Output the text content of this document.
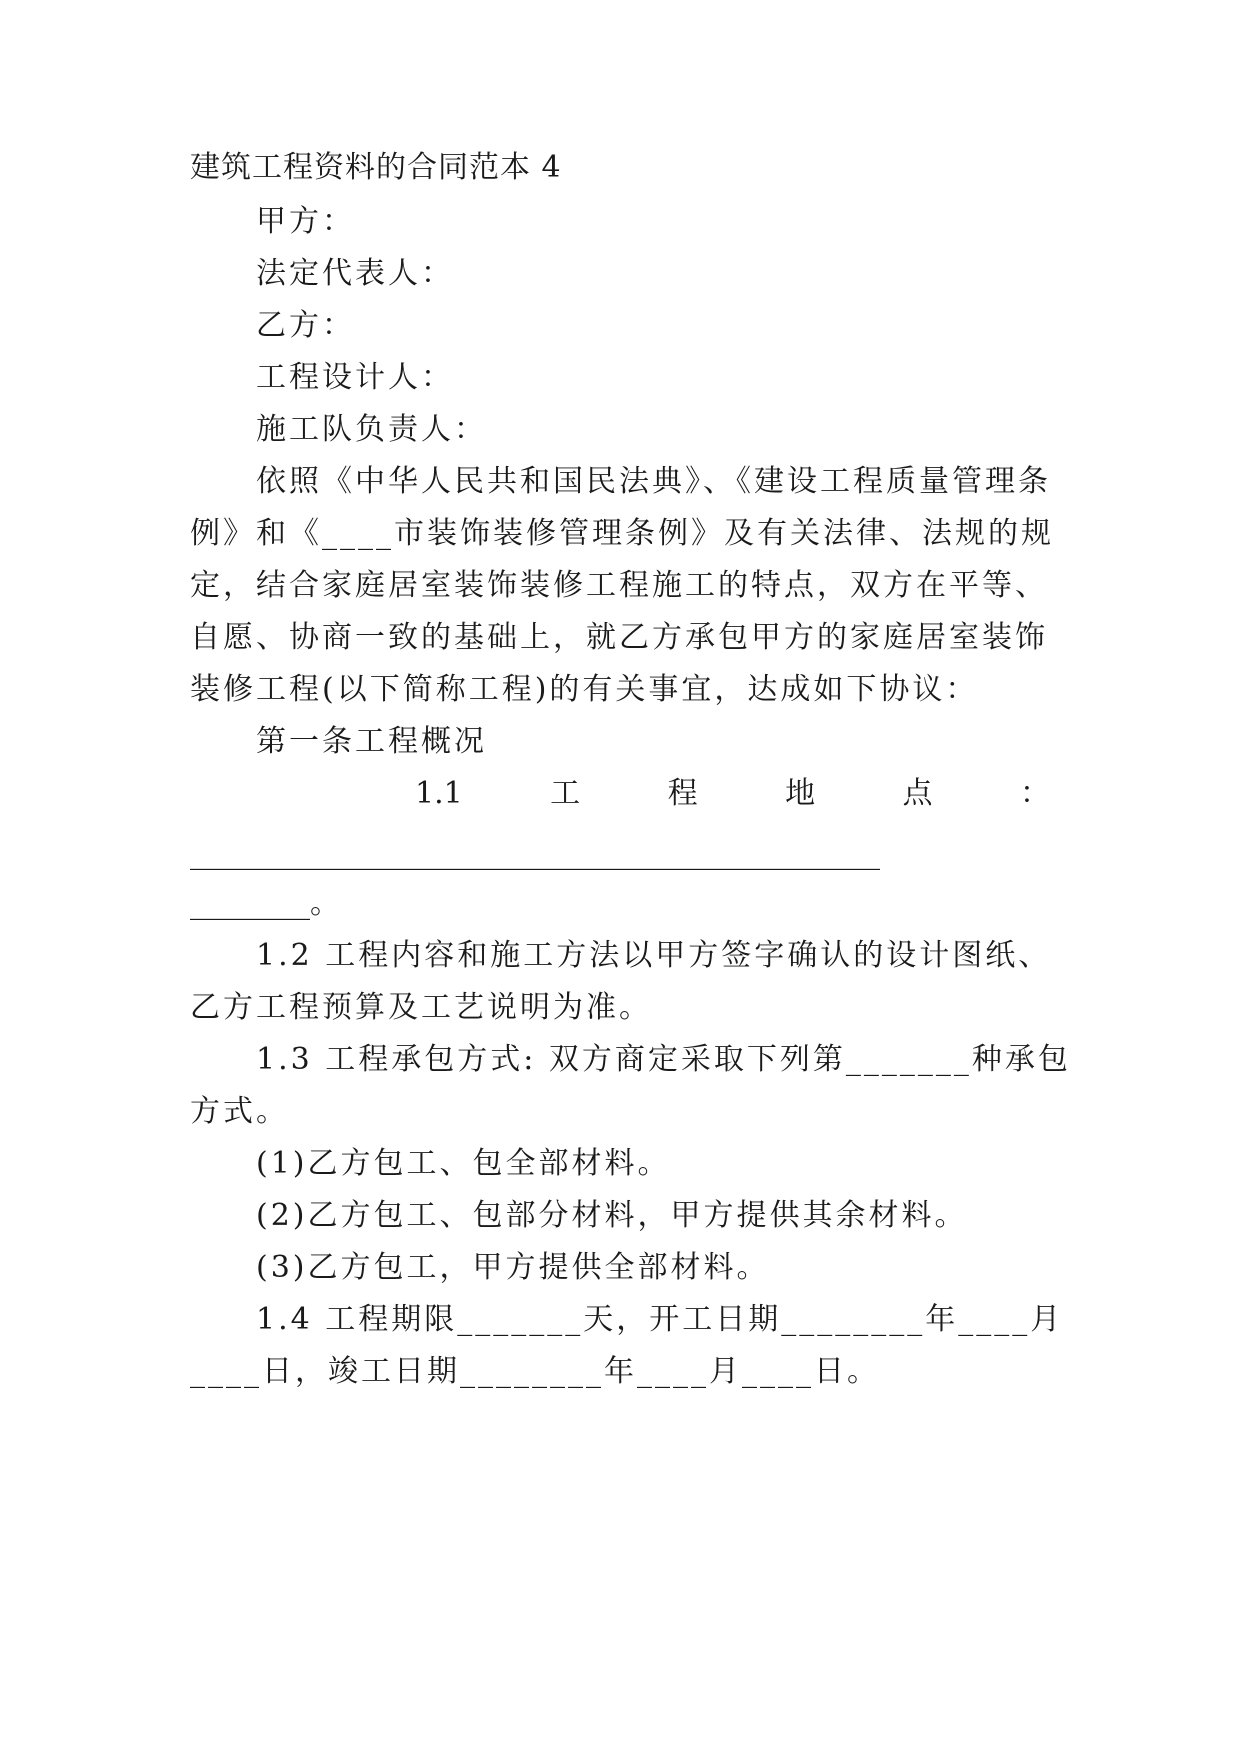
建筑工程资料的合同范本 4
甲方：
法定代表人：
乙方：
工程设计人：
施工队负责人：
依照《中华人民共和国民法典》、《建设工程质量管理条
例》和《____市装饰装修管理条例》及有关法律、法规的规
定，结合家庭居室装饰装修工程施工的特点，双方在平等、
自愿、协商一致的基础上，就乙方承包甲方的家庭居室装饰
装修工程(以下简称工程)的有关事宜，达成如下协议：
第一条工程概况
1.1	工	程	地	点	：
______________________________________________
________。
1.2 工程内容和施工方法以甲方签字确认的设计图纸、
乙方工程预算及工艺说明为准。
1.3 工程承包方式: 双方商定采取下列第_______种承包
方式。
(1)乙方包工、包全部材料。
(2)乙方包工、包部分材料，甲方提供其余材料。
(3)乙方包工，甲方提供全部材料。
1.4 工程期限_______天，开工日期________年____月
____日，竣工日期________年____月____日。
